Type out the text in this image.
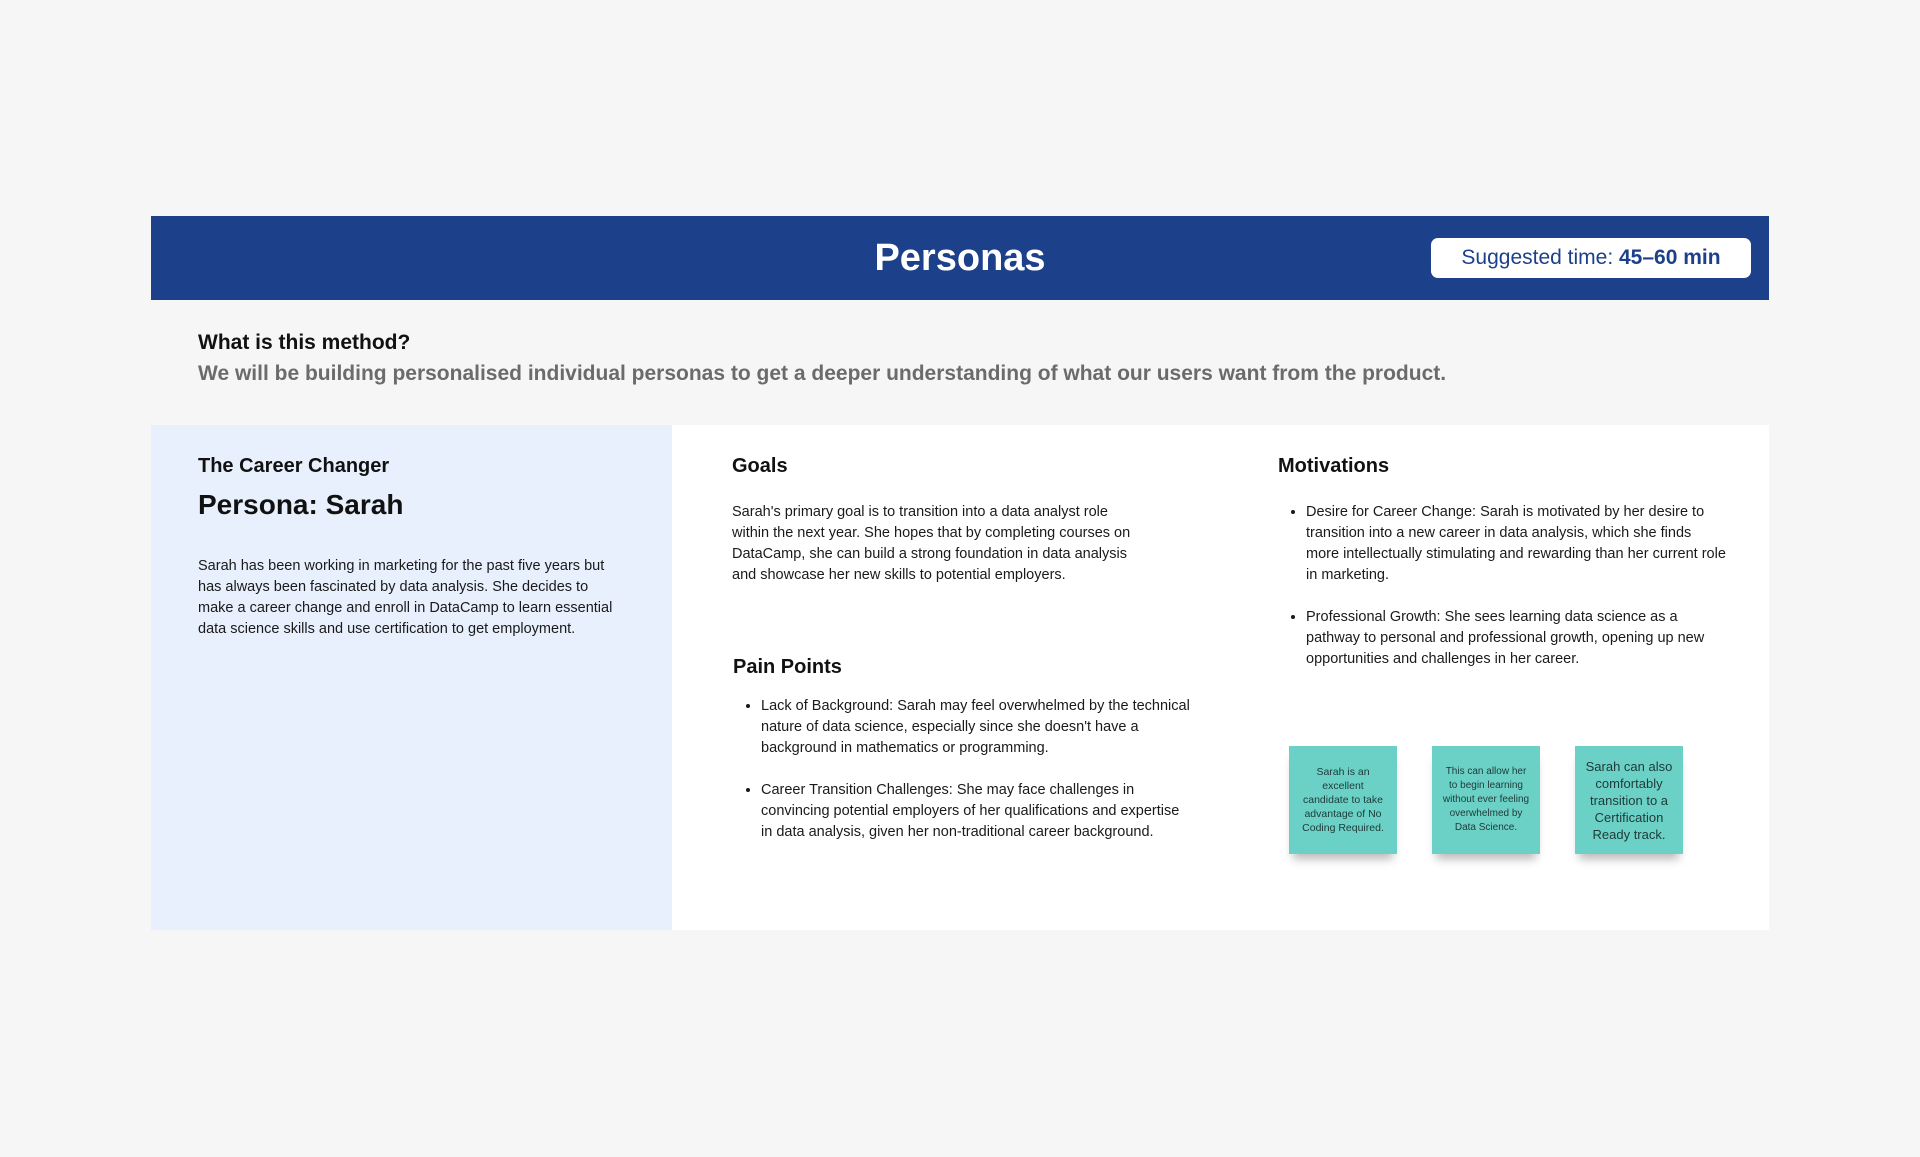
Personas	Suggested time: 45–60 min

What is this method?

We will be building personalised individual personas to get a deeper understanding of what our users want from the product.

The Career Changer
Persona: Sarah

Sarah has been working in marketing for the past five years but has always been fascinated by data analysis. She decides to make a career change and enroll in DataCamp to learn essential data science skills and use certification to get employment.

Goals

Sarah's primary goal is to transition into a data analyst role within the next year. She hopes that by completing courses on DataCamp, she can build a strong foundation in data analysis and showcase her new skills to potential employers.

Pain Points
• Lack of Background: Sarah may feel overwhelmed by the technical nature of data science, especially since she doesn't have a background in mathematics or programming.
• Career Transition Challenges: She may face challenges in convincing potential employers of her qualifications and expertise in data analysis, given her non-traditional career background.
Motivations
• Desire for Career Change: Sarah is motivated by her desire to transition into a new career in data analysis, which she finds more intellectually stimulating and rewarding than her current role in marketing.
• Professional Growth: She sees learning data science as a pathway to personal and professional growth, opening up new opportunities and challenges in her career.
Sarah is an excellent candidate to take advantage of No Coding Required.
This can allow her to begin learning without ever feeling overwhelmed by Data Science.
Sarah can also comfortably transition to a Certification Ready track.
